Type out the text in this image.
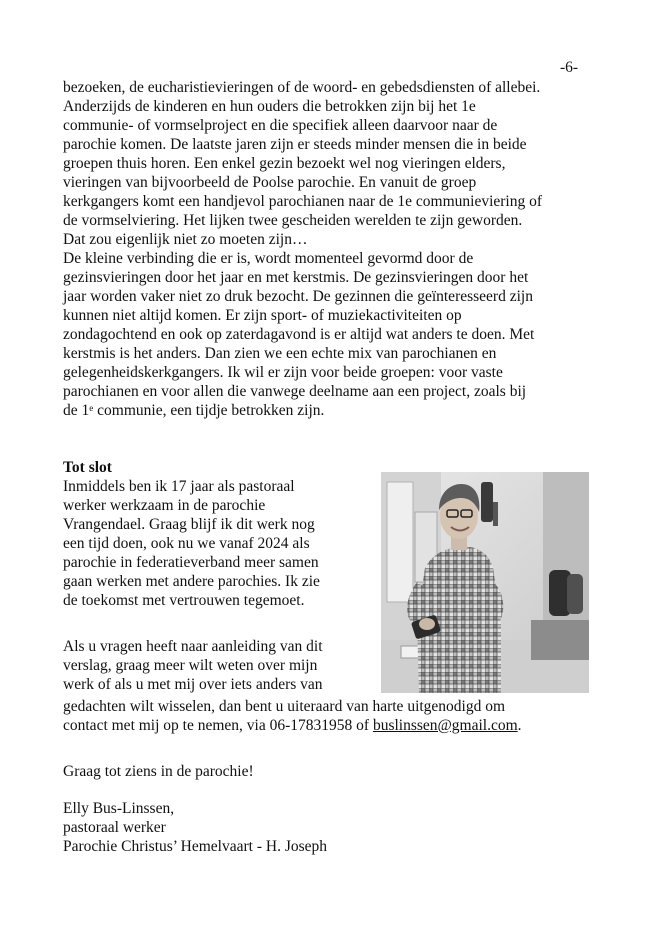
-6-
bezoeken, de eucharistievieringen of de woord- en gebedsdiensten of allebei.
Anderzijds de kinderen en hun ouders die betrokken zijn bij het 1e
communie- of vormselproject en die specifiek alleen daarvoor naar de
parochie komen. De laatste jaren zijn er steeds minder mensen die in beide
groepen thuis horen. Een enkel gezin bezoekt wel nog vieringen elders,
vieringen van bijvoorbeeld de Poolse parochie. En vanuit de groep
kerkgangers komt een handjevol parochianen naar de 1e communieviering of
de vormselviering. Het lijken twee gescheiden werelden te zijn geworden.
Dat zou eigenlijk niet zo moeten zijn…
De kleine verbinding die er is, wordt momenteel gevormd door de
gezinsvieringen door het jaar en met kerstmis. De gezinsvieringen door het
jaar worden vaker niet zo druk bezocht. De gezinnen die geïnteresseerd zijn
kunnen niet altijd komen. Er zijn sport- of muziekactiviteiten op
zondagochtend en ook op zaterdagavond is er altijd wat anders te doen. Met
kerstmis is het anders. Dan zien we een echte mix van parochianen en
gelegenheidskerkgangers. Ik wil er zijn voor beide groepen: voor vaste
parochianen en voor allen die vanwege deelname aan een project, zoals bij
de 1e communie, een tijdje betrokken zijn.
Tot slot
Inmiddels ben ik 17 jaar als pastoraal
werker werkzaam in de parochie
Vrangendael. Graag blijf ik dit werk nog
een tijd doen, ook nu we vanaf 2024 als
parochie in federatieverband meer samen
gaan werken met andere parochies. Ik zie
de toekomst met vertrouwen tegemoet.
Als u vragen heeft naar aanleiding van dit
verslag, graag meer wilt weten over mijn
werk of als u met mij over iets anders van
gedachten wilt wisselen, dan bent u uiteraard van harte uitgenodigd om
contact met mij op te nemen, via 06-17831958 of buslinssen@gmail.com.
Graag tot ziens in de parochie!
Elly Bus-Linssen,
pastoraal werker
Parochie Christus’ Hemelvaart - H. Joseph
